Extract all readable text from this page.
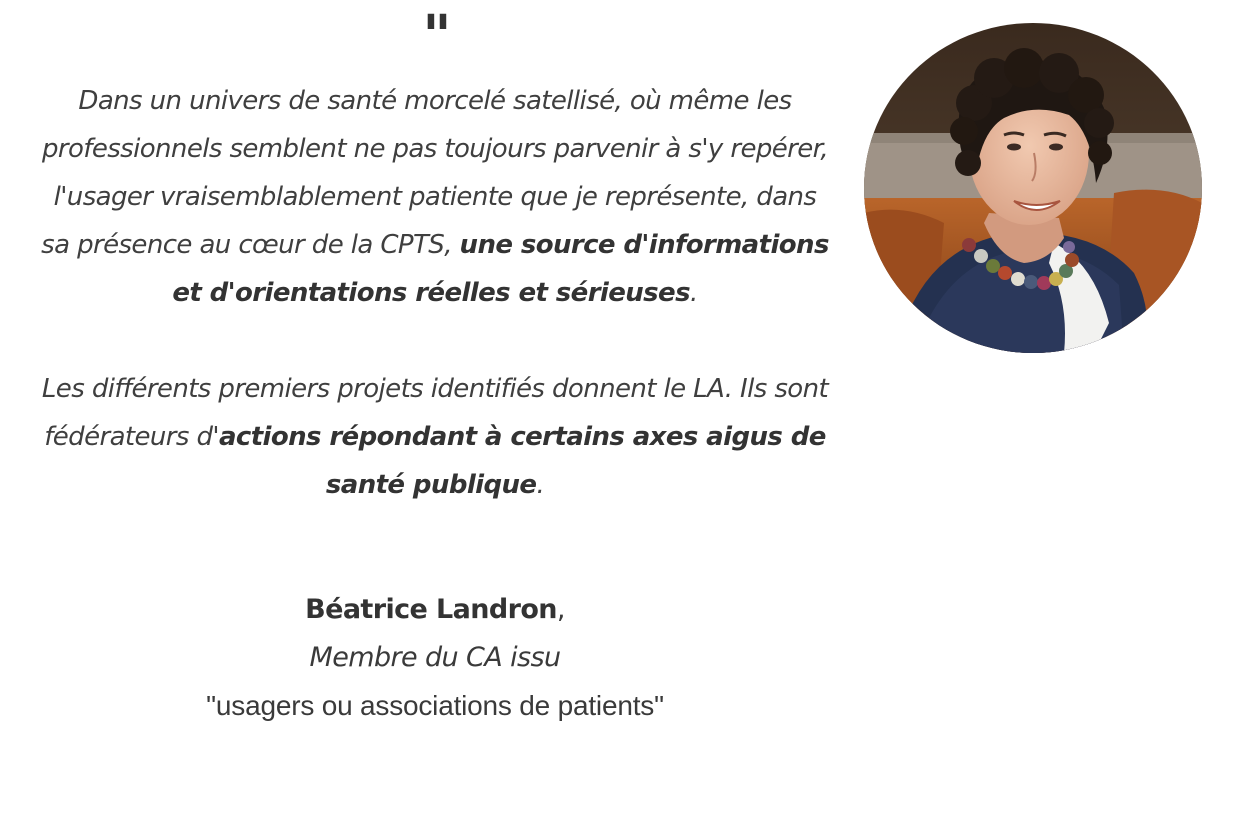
"

Dans un univers de santé morcelé satellisé, où même les professionnels semblent ne pas toujours parvenir à s'y repérer, l'usager vraisemblablement patiente que je représente, dans sa présence au cœur de la CPTS, une source d'informations et d'orientations réelles et sérieuses.

Les différents premiers projets identifiés donnent le LA. Ils sont fédérateurs d'actions répondant à certains axes aigus de santé publique.

Béatrice Landron,
Membre du CA issu
"usagers ou associations de patients"
